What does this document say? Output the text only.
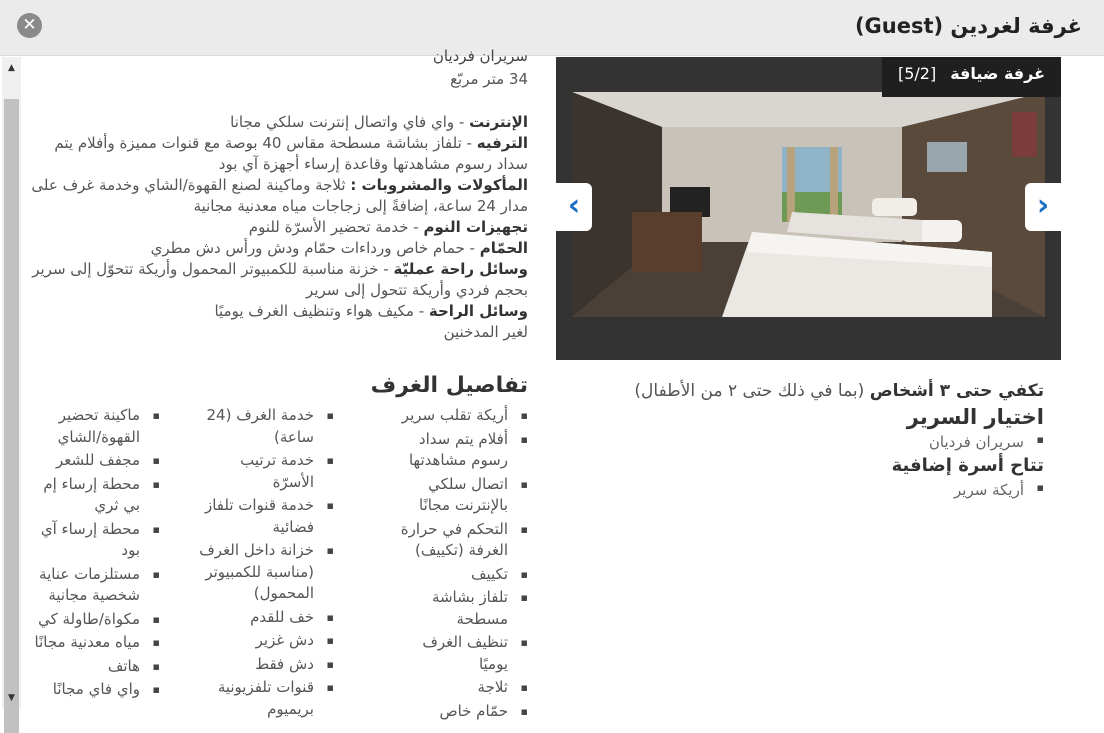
✕	غرفة لغردين (Guest)
▲
▼
سريران فرديان
34 متر مربّع
الإنترنت - واي فاي واتصال إنترنت سلكي مجانا
الترفيه - تلفاز بشاشة مسطحة مقاس 40 بوصة مع قنوات مميزة وأفلام يتم سداد رسوم مشاهدتها وقاعدة إرساء أجهزة آي بود
المأكولات والمشروبات : ثلاجة وماكينة لصنع القهوة/الشاي وخدمة غرف على مدار 24 ساعة، إضافةً إلى زجاجات مياه معدنية مجانية
تجهيزات النوم - خدمة تحضير الأسرّة للنوم
الحمّام - حمام خاص ورداءات حمّام ودش ورأس دش مطري
وسائل راحة عمليّة - خزنة مناسبة للكمبيوتر المحمول وأريكة تتحوّل إلى سرير بحجم فردي وأريكة تتحول إلى سرير
وسائل الراحة - مكيف هواء وتنظيف الغرف يوميًا
لغير المدخنين
تفاصيل الغرف
▪ أريكة تقلب سرير
▪ أفلام يتم سداد رسوم مشاهدتها
▪ اتصال سلكي بالإنترنت مجانًا
▪ التحكم في حرارة الغرفة (تكييف)
▪ تكييف
▪ تلفاز بشاشة مسطحة
▪ تنظيف الغرف يوميًا
▪ ثلاجة
▪ حمّام خاص
▪ خدمة الغرف (24 ساعة)
▪ خدمة ترتيب الأسرّة
▪ خدمة قنوات تلفاز فضائية
▪ خزانة داخل الغرف (مناسبة للكمبيوتر المحمول)
▪ خف للقدم
▪ دش غزير
▪ دش فقط
▪ قنوات تلفزيونية بريميوم
▪ ماكينة تحضير القهوة/الشاي
▪ مجفف للشعر
▪ محطة إرساء إم بي ثري
▪ محطة إرساء آي بود
▪ مستلزمات عناية شخصية مجانية
▪ مكواة/طاولة كي
▪ مياه معدنية مجانًا
▪ هاتف
▪ واي فاي مجانًا
غرفة ضيافة[5/2]
‹	›
تكفي حتى ٣ أشخاص (بما في ذلك حتى ٢ من الأطفال)
اختيار السرير
▪ سريران فرديان
تتاح أسرة إضافية
▪ أريكة سرير
